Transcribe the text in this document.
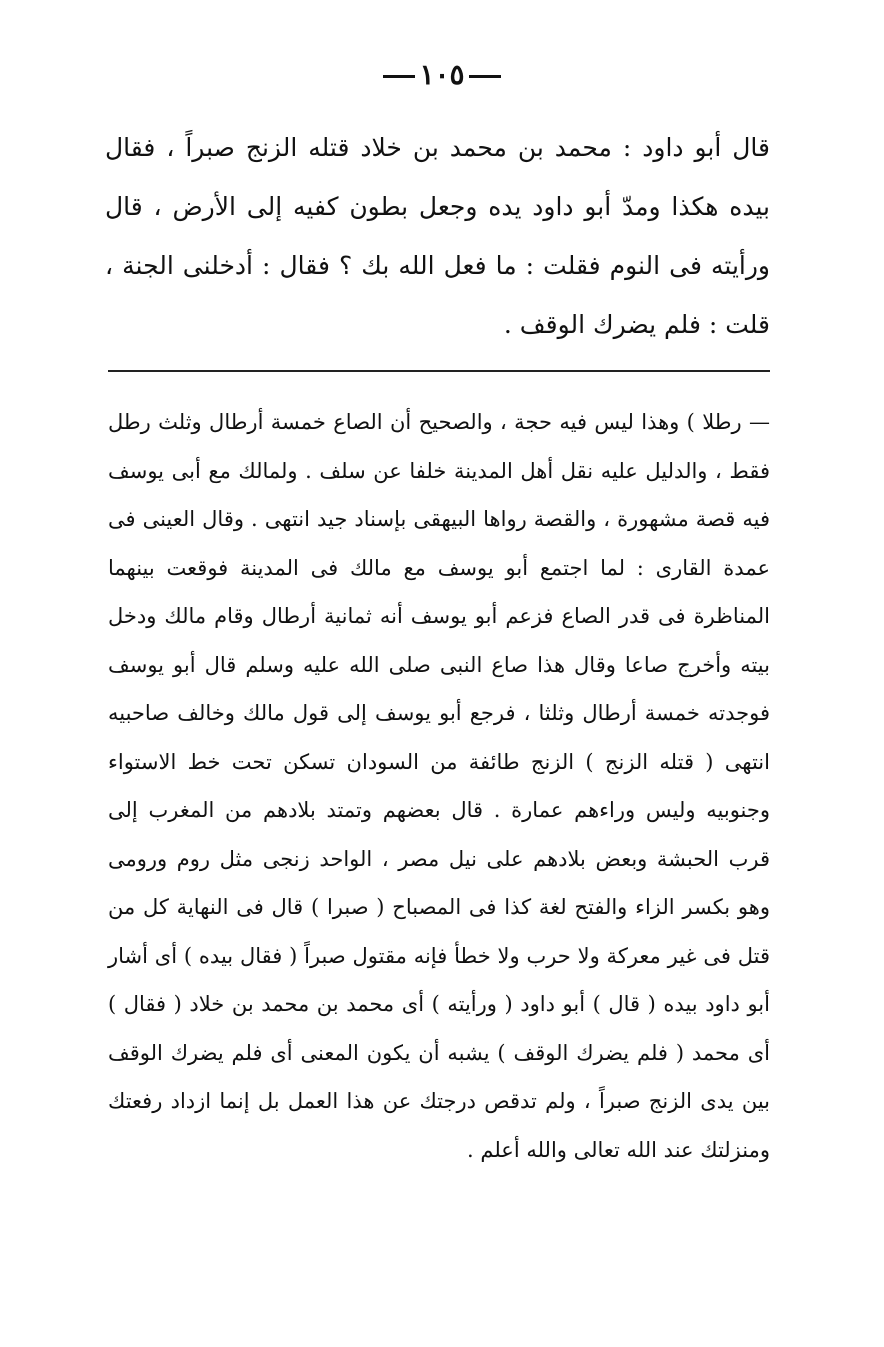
١٠٥

قال أبو داود : محمد بن محمد بن خلاد قتله الزنج صبراً ، فقال بيده هكذا ومدّ أبو داود يده وجعل بطون كفيه إلى الأرض ، قال ورأيته فى النوم فقلت : ما فعل الله بك ؟ فقال : أدخلنى الجنة ، قلت : فلم يضرك الوقف .

— رطلا ) وهذا ليس فيه حجة ، والصحيح أن الصاع خمسة أرطال وثلث رطل فقط ، والدليل عليه نقل أهل المدينة خلفا عن سلف . ولمالك مع أبى يوسف فيه قصة مشهورة ، والقصة رواها البيهقى بإسناد جيد انتهى . وقال العينى فى عمدة القارى : لما اجتمع أبو يوسف مع مالك فى المدينة فوقعت بينهما المناظرة فى قدر الصاع فزعم أبو يوسف أنه ثمانية أرطال وقام مالك ودخل بيته وأخرج صاعا وقال هذا صاع النبى صلى الله عليه وسلم قال أبو يوسف فوجدته خمسة أرطال وثلثا ، فرجع أبو يوسف إلى قول مالك وخالف صاحبيه انتهى ( قتله الزنج ) الزنج طائفة من السودان تسكن تحت خط الاستواء وجنوبيه وليس وراءهم عمارة . قال بعضهم وتمتد بلادهم من المغرب إلى قرب الحبشة وبعض بلادهم على نيل مصر ، الواحد زنجى مثل روم ورومى وهو بكسر الزاء والفتح لغة كذا فى المصباح ( صبرا ) قال فى النهاية كل من قتل فى غير معركة ولا حرب ولا خطأ فإنه مقتول صبراً ( فقال بيده ) أى أشار أبو داود بيده ( قال ) أبو داود ( ورأيته ) أى محمد بن محمد بن خلاد ( فقال ) أى محمد ( فلم يضرك الوقف ) يشبه أن يكون المعنى أى فلم يضرك الوقف بين يدى الزنج صبراً ، ولم تدقص درجتك عن هذا العمل بل إنما ازداد رفعتك ومنزلتك عند الله تعالى والله أعلم .
